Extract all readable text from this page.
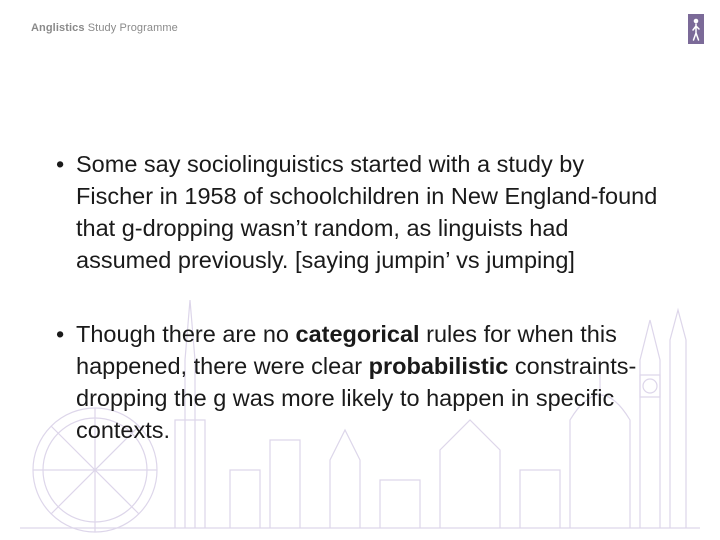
Anglistics Study Programme

• Some say sociolinguistics started with a study by Fischer in 1958 of schoolchildren in New England-found that g-dropping wasn’t random, as linguists had assumed previously. [saying jumpin’ vs jumping]

• Though there are no categorical rules for when this happened, there were clear probabilistic constraints-dropping the g was more likely to happen in specific contexts.
